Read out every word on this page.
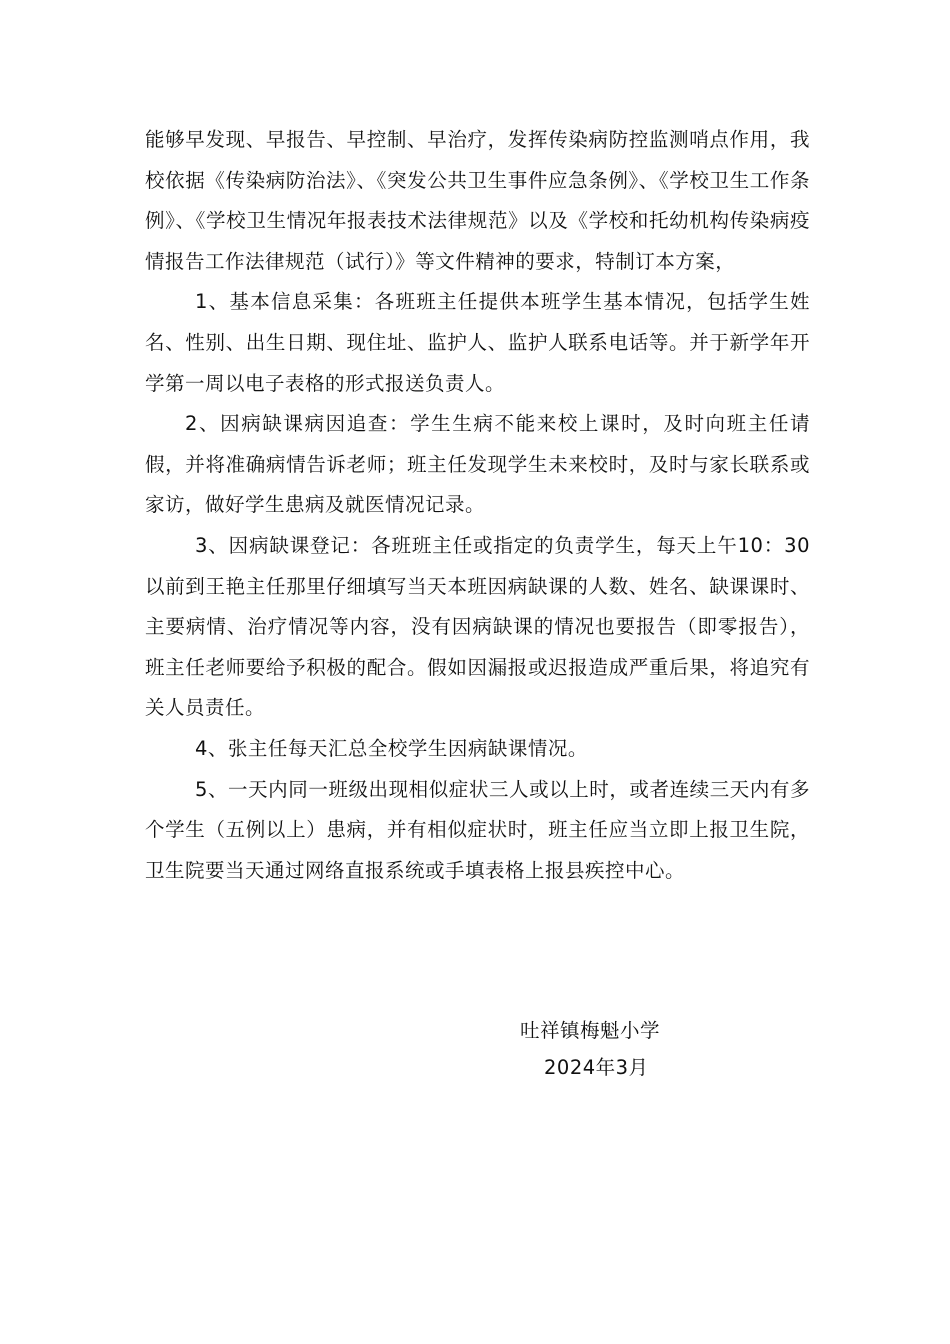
能够早发现、早报告、早控制、早治疗，发挥传染病防控监测哨点作用，我校依据《传染病防治法》、《突发公共卫生事件应急条例》、《学校卫生工作条例》、《学校卫生情况年报表技术法律规范》以及《学校和托幼机构传染病疫情报告工作法律规范（试行）》等文件精神的要求，特制订本方案，

1、基本信息采集：各班班主任提供本班学生基本情况，包括学生姓名、性别、出生日期、现住址、监护人、监护人联系电话等。并于新学年开学第一周以电子表格的形式报送负责人。

2、因病缺课病因追查：学生生病不能来校上课时，及时向班主任请假，并将准确病情告诉老师；班主任发现学生未来校时，及时与家长联系或家访，做好学生患病及就医情况记录。

3、因病缺课登记：各班班主任或指定的负责学生，每天上午10：30以前到王艳主任那里仔细填写当天本班因病缺课的人数、姓名、缺课课时、主要病情、治疗情况等内容，没有因病缺课的情况也要报告（即零报告），班主任老师要给予积极的配合。假如因漏报或迟报造成严重后果，将追究有关人员责任。

4、张主任每天汇总全校学生因病缺课情况。

5、一天内同一班级出现相似症状三人或以上时，或者连续三天内有多个学生（五例以上）患病，并有相似症状时，班主任应当立即上报卫生院，卫生院要当天通过网络直报系统或手填表格上报县疾控中心。

吐祥镇梅魁小学
2024年3月
